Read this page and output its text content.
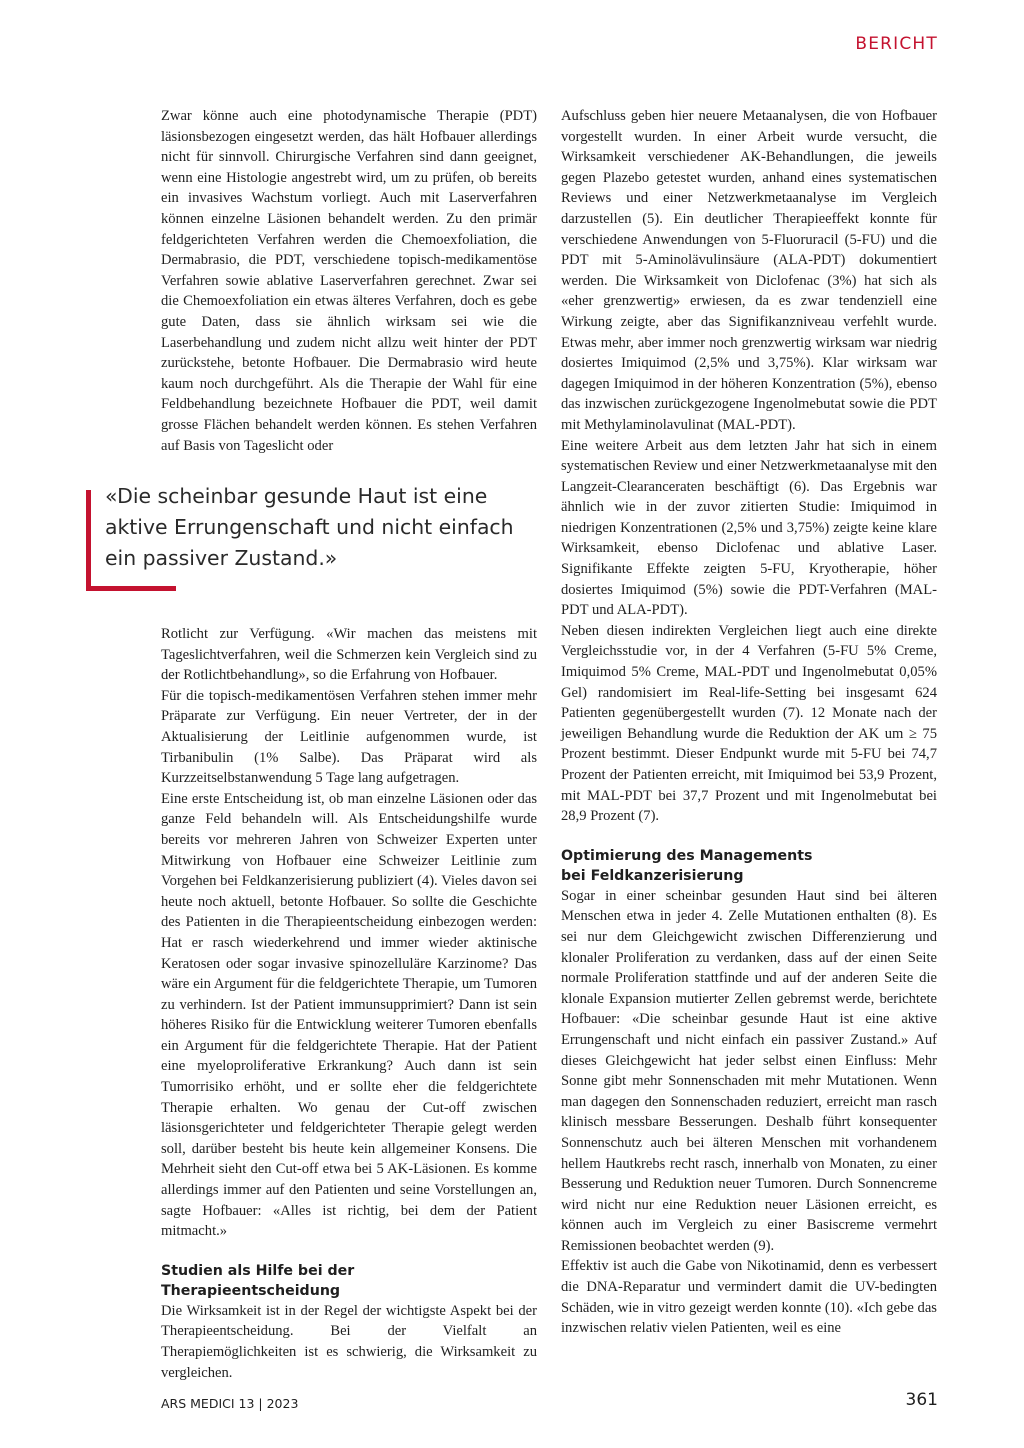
BERICHT

Zwar könne auch eine photodynamische Therapie (PDT) läsionsbezogen eingesetzt werden, das hält Hofbauer allerdings nicht für sinnvoll. Chirurgische Verfahren sind dann geeignet, wenn eine Histologie angestrebt wird, um zu prüfen, ob bereits ein invasives Wachstum vorliegt. Auch mit Laserverfahren können einzelne Läsionen behandelt werden. Zu den primär feldgerichteten Verfahren werden die Chemoexfoliation, die Dermabrasio, die PDT, verschiedene topisch-medikamentöse Verfahren sowie ablative Laserverfahren gerechnet. Zwar sei die Chemoexfoliation ein etwas älteres Verfahren, doch es gebe gute Daten, dass sie ähnlich wirksam sei wie die Laserbehandlung und zudem nicht allzu weit hinter der PDT zurückstehe, betonte Hofbauer. Die Dermabrasio wird heute kaum noch durchgeführt. Als die Therapie der Wahl für eine Feldbehandlung bezeichnete Hofbauer die PDT, weil damit grosse Flächen behandelt werden können. Es stehen Verfahren auf Basis von Tageslicht oder

«Die scheinbar gesunde Haut ist eine aktive Errungenschaft und nicht einfach ein passiver Zustand.»

Rotlicht zur Verfügung. «Wir machen das meistens mit Tageslichtverfahren, weil die Schmerzen kein Vergleich sind zu der Rotlichtbehandlung», so die Erfahrung von Hofbauer.

Für die topisch-medikamentösen Verfahren stehen immer mehr Präparate zur Verfügung. Ein neuer Vertreter, der in der Aktualisierung der Leitlinie aufgenommen wurde, ist Tirbanibulin (1% Salbe). Das Präparat wird als Kurzzeitselbstanwendung 5 Tage lang aufgetragen.

Eine erste Entscheidung ist, ob man einzelne Läsionen oder das ganze Feld behandeln will. Als Entscheidungshilfe wurde bereits vor mehreren Jahren von Schweizer Experten unter Mitwirkung von Hofbauer eine Schweizer Leitlinie zum Vorgehen bei Feldkanzerisierung publiziert (4). Vieles davon sei heute noch aktuell, betonte Hofbauer. So sollte die Geschichte des Patienten in die Therapieentscheidung einbezogen werden: Hat er rasch wiederkehrend und immer wieder aktinische Keratosen oder sogar invasive spinozelluläre Karzinome? Das wäre ein Argument für die feldgerichtete Therapie, um Tumoren zu verhindern. Ist der Patient immunsupprimiert? Dann ist sein höheres Risiko für die Entwicklung weiterer Tumoren ebenfalls ein Argument für die feldgerichtete Therapie. Hat der Patient eine myeloproliferative Erkrankung? Auch dann ist sein Tumorrisiko erhöht, und er sollte eher die feldgerichtete Therapie erhalten. Wo genau der Cut-off zwischen läsionsgerichteter und feldgerichteter Therapie gelegt werden soll, darüber besteht bis heute kein allgemeiner Konsens. Die Mehrheit sieht den Cut-off etwa bei 5 AK-Läsionen. Es komme allerdings immer auf den Patienten und seine Vorstellungen an, sagte Hofbauer: «Alles ist richtig, bei dem der Patient mitmacht.»

Studien als Hilfe bei der Therapieentscheidung

Die Wirksamkeit ist in der Regel der wichtigste Aspekt bei der Therapieentscheidung. Bei der Vielfalt an Therapiemöglichkeiten ist es schwierig, die Wirksamkeit zu vergleichen.

Aufschluss geben hier neuere Metaanalysen, die von Hofbauer vorgestellt wurden. In einer Arbeit wurde versucht, die Wirksamkeit verschiedener AK-Behandlungen, die jeweils gegen Plazebo getestet wurden, anhand eines systematischen Reviews und einer Netzwerkmetaanalyse im Vergleich darzustellen (5). Ein deutlicher Therapieeffekt konnte für verschiedene Anwendungen von 5-Fluoruracil (5-FU) und die PDT mit 5-Aminolävulinsäure (ALA-PDT) dokumentiert werden. Die Wirksamkeit von Diclofenac (3%) hat sich als «eher grenzwertig» erwiesen, da es zwar tendenziell eine Wirkung zeigte, aber das Signifikanzniveau verfehlt wurde. Etwas mehr, aber immer noch grenzwertig wirksam war niedrig dosiertes Imiquimod (2,5% und 3,75%). Klar wirksam war dagegen Imiquimod in der höheren Konzentration (5%), ebenso das inzwischen zurückgezogene Ingenolmebutat sowie die PDT mit Methylaminolavulinat (MAL-PDT).

Eine weitere Arbeit aus dem letzten Jahr hat sich in einem systematischen Review und einer Netzwerkmetaanalyse mit den Langzeit-Clearanceraten beschäftigt (6). Das Ergebnis war ähnlich wie in der zuvor zitierten Studie: Imiquimod in niedrigen Konzentrationen (2,5% und 3,75%) zeigte keine klare Wirksamkeit, ebenso Diclofenac und ablative Laser. Signifikante Effekte zeigten 5-FU, Kryotherapie, höher dosiertes Imiquimod (5%) sowie die PDT-Verfahren (MAL-PDT und ALA-PDT).

Neben diesen indirekten Vergleichen liegt auch eine direkte Vergleichsstudie vor, in der 4 Verfahren (5-FU 5% Creme, Imiquimod 5% Creme, MAL-PDT und Ingenolmebutat 0,05% Gel) randomisiert im Real-life-Setting bei insgesamt 624 Patienten gegenübergestellt wurden (7). 12 Monate nach der jeweiligen Behandlung wurde die Reduktion der AK um ≥ 75 Prozent bestimmt. Dieser Endpunkt wurde mit 5-FU bei 74,7 Prozent der Patienten erreicht, mit Imiquimod bei 53,9 Prozent, mit MAL-PDT bei 37,7 Prozent und mit Ingenolmebutat bei 28,9 Prozent (7).

Optimierung des Managements
bei Feldkanzerisierung

Sogar in einer scheinbar gesunden Haut sind bei älteren Menschen etwa in jeder 4. Zelle Mutationen enthalten (8). Es sei nur dem Gleichgewicht zwischen Differenzierung und klonaler Proliferation zu verdanken, dass auf der einen Seite normale Proliferation stattfinde und auf der anderen Seite die klonale Expansion mutierter Zellen gebremst werde, berichtete Hofbauer: «Die scheinbar gesunde Haut ist eine aktive Errungenschaft und nicht einfach ein passiver Zustand.» Auf dieses Gleichgewicht hat jeder selbst einen Einfluss: Mehr Sonne gibt mehr Sonnenschaden mit mehr Mutationen. Wenn man dagegen den Sonnenschaden reduziert, erreicht man rasch klinisch messbare Besserungen. Deshalb führt konsequenter Sonnenschutz auch bei älteren Menschen mit vorhandenem hellem Hautkrebs recht rasch, innerhalb von Monaten, zu einer Besserung und Reduktion neuer Tumoren. Durch Sonnencreme wird nicht nur eine Reduktion neuer Läsionen erreicht, es können auch im Vergleich zu einer Basiscreme vermehrt Remissionen beobachtet werden (9).

Effektiv ist auch die Gabe von Nikotinamid, denn es verbessert die DNA-Reparatur und vermindert damit die UV-bedingten Schäden, wie in vitro gezeigt werden konnte (10). «Ich gebe das inzwischen relativ vielen Patienten, weil es eine

ARS MEDICI 13 | 2023	361
